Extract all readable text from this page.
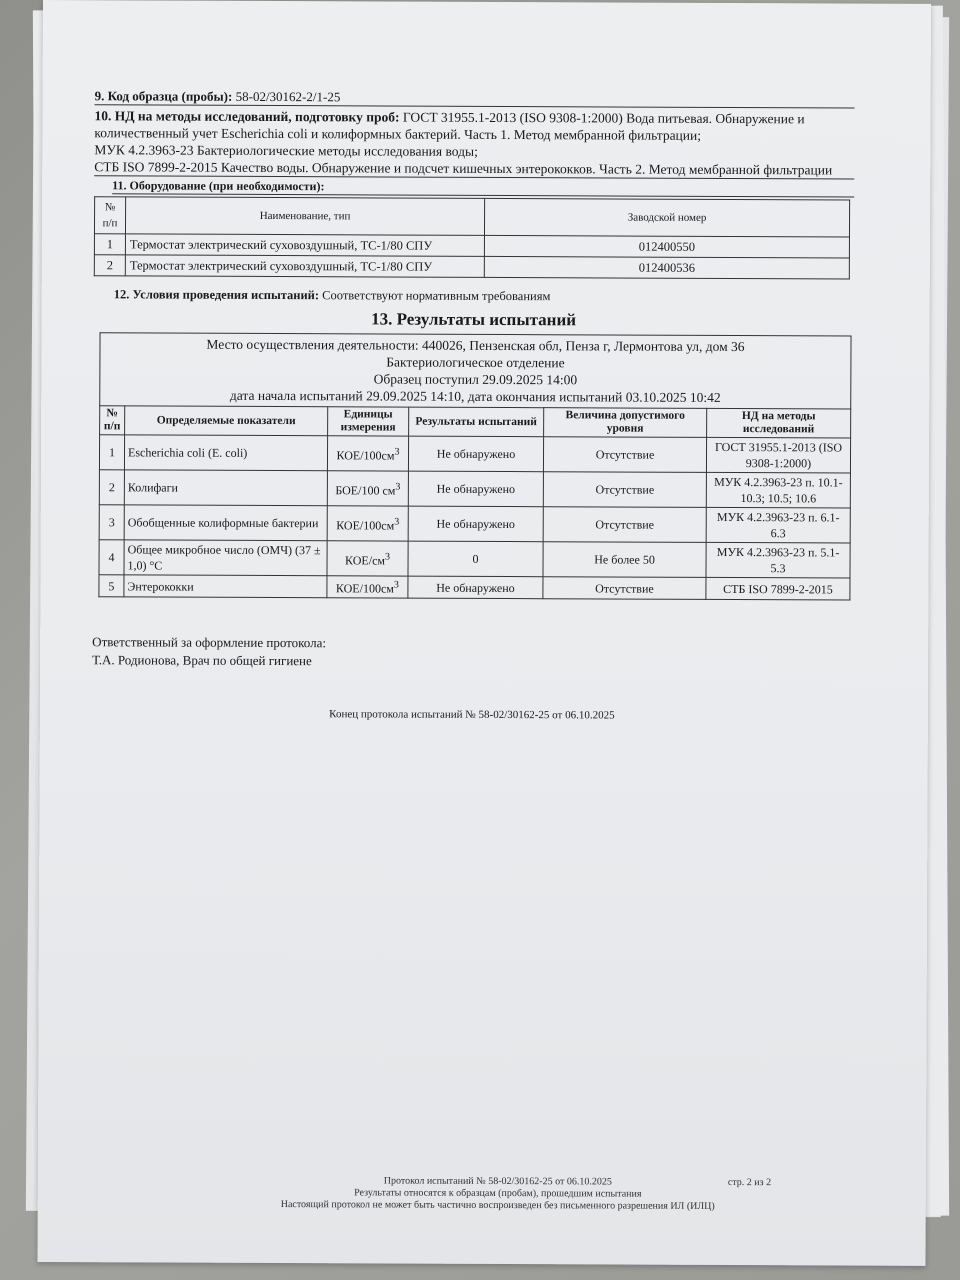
9. Код образца (пробы): 58-02/30162-2/1-25
10. НД на методы исследований, подготовку проб: ГОСТ 31955.1-2013 (ISO 9308-1:2000) Вода питьевая. Обнаружение и количественный учет Escherichia coli и колиформных бактерий. Часть 1. Метод мембранной фильтрации;
МУК 4.2.3963-23 Бактериологические методы исследования воды;
СТБ ISO 7899-2-2015 Качество воды. Обнаружение и подсчет кишечных энтерококков. Часть 2. Метод мембранной фильтрации
11. Оборудование (при необходимости):
№ п/п	Наименование, тип	Заводской номер
1	Термостат электрический суховоздушный, ТС-1/80 СПУ	012400550
2	Термостат электрический суховоздушный, ТС-1/80 СПУ	012400536
12. Условия проведения испытаний: Соответствуют нормативным требованиям
13. Результаты испытаний
Место осуществления деятельности: 440026, Пензенская обл, Пенза г, Лермонтова ул, дом 36
Бактериологическое отделение
Образец поступил 29.09.2025 14:00
дата начала испытаний 29.09.2025 14:10, дата окончания испытаний 03.10.2025 10:42					

№ п/п	Определяемые показатели	Единицы измерения	Результаты испытаний	Величина допустимого уровня	НД на методы исследований
1	Escherichia coli (E. coli)	КОЕ/$100см^3$	Не обнаружено	Отсутствие	ГОСТ 31955.1-2013 (ISO 9308-1:2000)
2	Колифаги	БОЕ/100 $см^3$	Не обнаружено	Отсутствие	МУК 4.2.3963-23 п. 10.1-10.3; 10.5; 10.6
3	Обобщенные колиформные бактерии	КОЕ/$100см^3$	Не обнаружено	Отсутствие	МУК 4.2.3963-23 п. 6.1-6.3
4	Общее микробное число (ОМЧ) (37 ± 1,0) °С	КОЕ/$см^3$	0	Не более 50	МУК 4.2.3963-23 п. 5.1-5.3
5	Энтерококки	КОЕ/$100см^3$	Не обнаружено	Отсутствие	СТБ ISO 7899-2-2015
Ответственный за оформление протокола:
Т.А. Родионова, Врач по общей гигиене
Конец протокола испытаний № 58-02/30162-25 от 06.10.2025
Протокол испытаний № 58-02/30162-25 от 06.10.2025
Результаты относятся к образцам (пробам), прошедшим испытания
Настоящий протокол не может быть частично воспроизведен без письменного разрешения ИЛ (ИЛЦ)
стр. 2 из 2
